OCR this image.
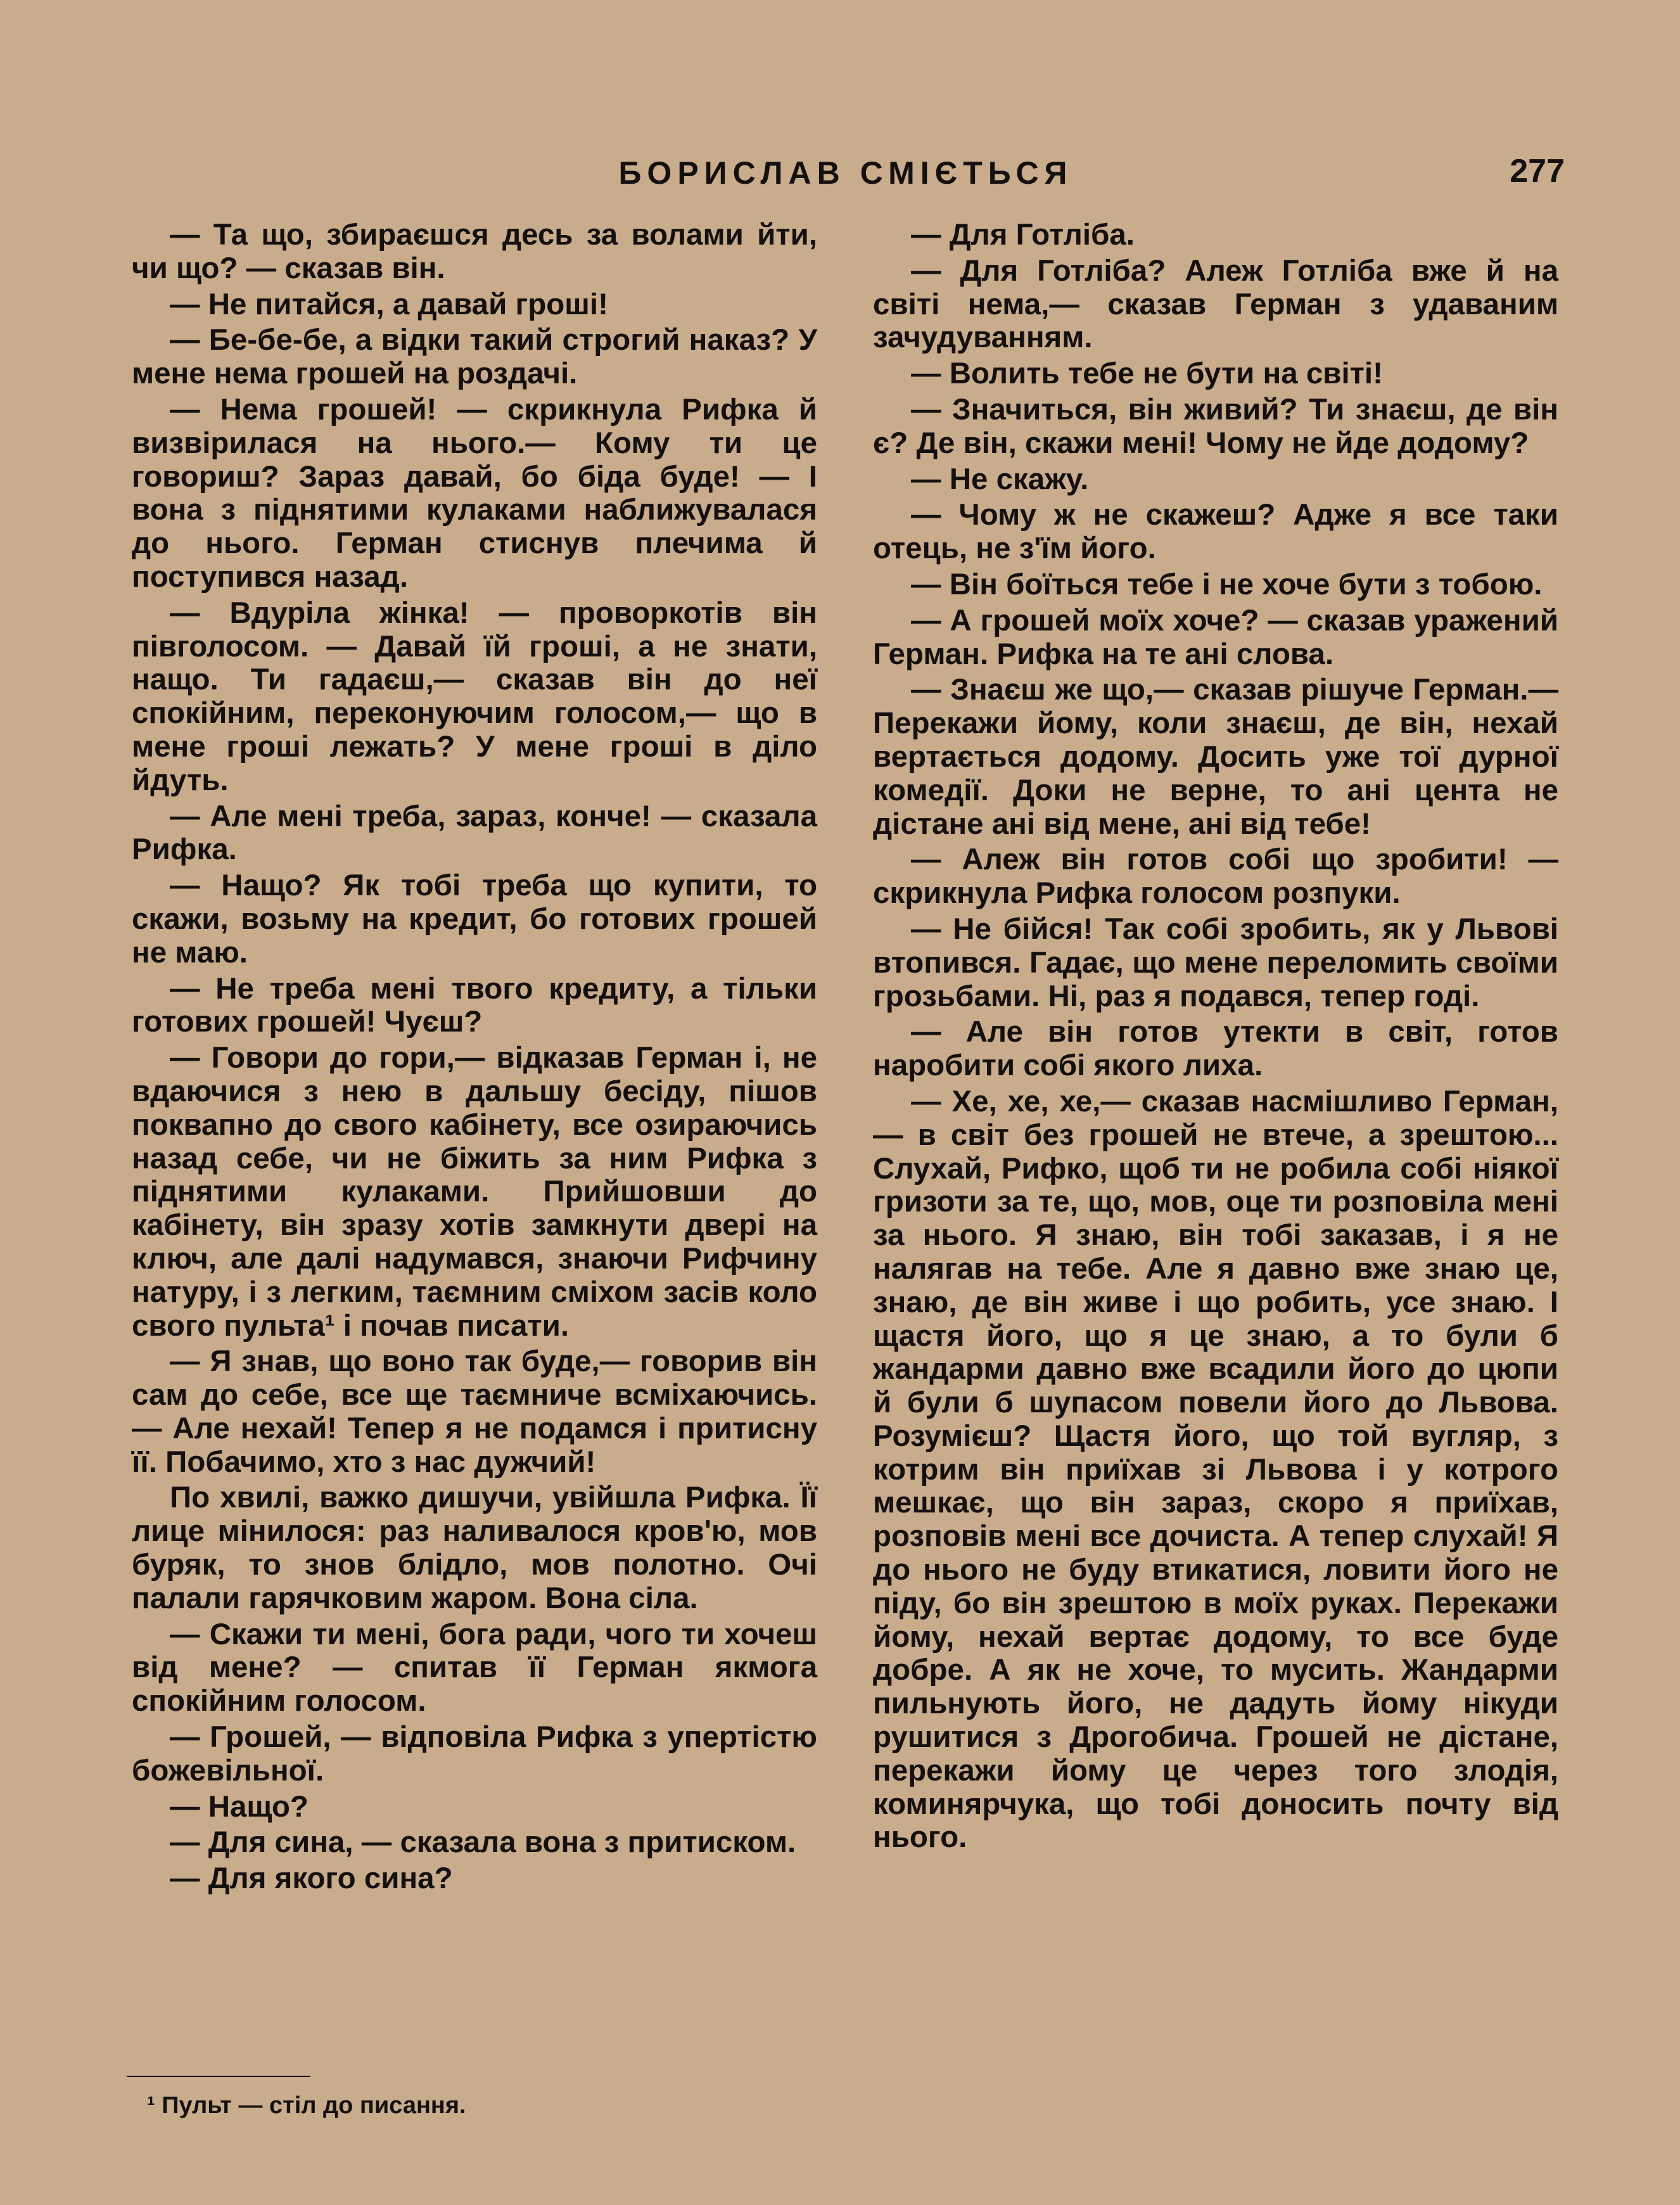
БОРИСЛАВ СМІЄТЬСЯ	277

— Та що, збираєшся десь за волами йти, чи що? — сказав він.

— Не питайся, а давай гроші!

— Бе-бе-бе, а відки такий строгий наказ? У мене нема грошей на роздачі.

— Нема грошей! — скрикнула Рифка й визвірилася на нього.— Кому ти це говориш? Зараз давай, бо біда буде! — І вона з піднятими кулаками наближувалася до нього. Герман стиснув плечима й поступився назад.

— Вдуріла жінка! — проворкотів він півголосом. — Давай їй гроші, а не знати, нащо. Ти гадаєш,— сказав він до неї спокійним, переконуючим голосом,— що в мене гроші лежать? У мене гроші в діло йдуть.

— Але мені треба, зараз, конче! — сказала Рифка.

— Нащо? Як тобі треба що купити, то скажи, возьму на кредит, бо готових грошей не маю.

— Не треба мені твого кредиту, а тільки готових грошей! Чуєш?

— Говори до гори,— відказав Герман і, не вдаючися з нею в дальшу бесіду, пішов поквапно до свого кабінету, все озираючись назад себе, чи не біжить за ним Рифка з піднятими кулаками. Прийшовши до кабінету, він зразу хотів замкнути двері на ключ, але далі надумався, знаючи Рифчину натуру, і з легким, таємним сміхом засів коло свого пульта¹ і почав писати.

— Я знав, що воно так буде,— говорив він сам до себе, все ще таємниче всміхаючись.— Але нехай! Тепер я не подамся і притисну її. Побачимо, хто з нас дужчий!

По хвилі, важко дишучи, увійшла Рифка. Її лице мінилося: раз наливалося кров'ю, мов буряк, то знов блідло, мов полотно. Очі палали гарячковим жаром. Вона сіла.

— Скажи ти мені, бога ради, чого ти хочеш від мене? — спитав її Герман якмога спокійним голосом.

— Грошей, — відповіла Рифка з упертістю божевільної.

— Нащо?

— Для сина, — сказала вона з притиском.

— Для якого сина?

— Для Готліба.

— Для Готліба? Алеж Готліба вже й на світі нема,— сказав Герман з удаваним зачудуванням.

— Волить тебе не бути на світі!

— Значиться, він живий? Ти знаєш, де він є? Де він, скажи мені! Чому не йде додому?

— Не скажу.

— Чому ж не скажеш? Адже я все таки отець, не з'їм його.

— Він боїться тебе і не хоче бути з тобою.

— А грошей моїх хоче? — сказав уражений Герман. Рифка на те ані слова.

— Знаєш же що,— сказав рішуче Герман.—Перекажи йому, коли знаєш, де він, нехай вертається додому. Досить уже тої дурної комедії. Доки не верне, то ані цента не дістане ані від мене, ані від тебе!

— Алеж він готов собі що зробити! — скрикнула Рифка голосом розпуки.

— Не бійся! Так собі зробить, як у Львові втопився. Гадає, що мене переломить своїми грозьбами. Ні, раз я подався, тепер годі.

— Але він готов утекти в світ, готов наробити собі якого лиха.

— Хе, хе, хе,— сказав насмішливо Герман,— в світ без грошей не втече, а зрештою... Слухай, Рифко, щоб ти не робила собі ніякої гризоти за те, що, мов, оце ти розповіла мені за нього. Я знаю, він тобі заказав, і я не налягав на тебе. Але я давно вже знаю це, знаю, де він живе і що робить, усе знаю. І щастя його, що я це знаю, а то були б жандарми давно вже всадили його до цюпи й були б шупасом повели його до Львова. Розумієш? Щастя його, що той вугляр, з котрим він приїхав зі Львова і у котрого мешкає, що він зараз, скоро я приїхав, розповів мені все дочиста. А тепер слухай! Я до нього не буду втикатися, ловити його не піду, бо він зрештою в моїх руках. Перекажи йому, нехай вертає додому, то все буде добре. А як не хоче, то мусить. Жандарми пильнують його, не дадуть йому нікуди рушитися з Дрогобича. Грошей не дістане, перекажи йому це через того злодія, коминярчука, що тобі доносить почту від нього.

¹ Пульт — стіл до писання.
